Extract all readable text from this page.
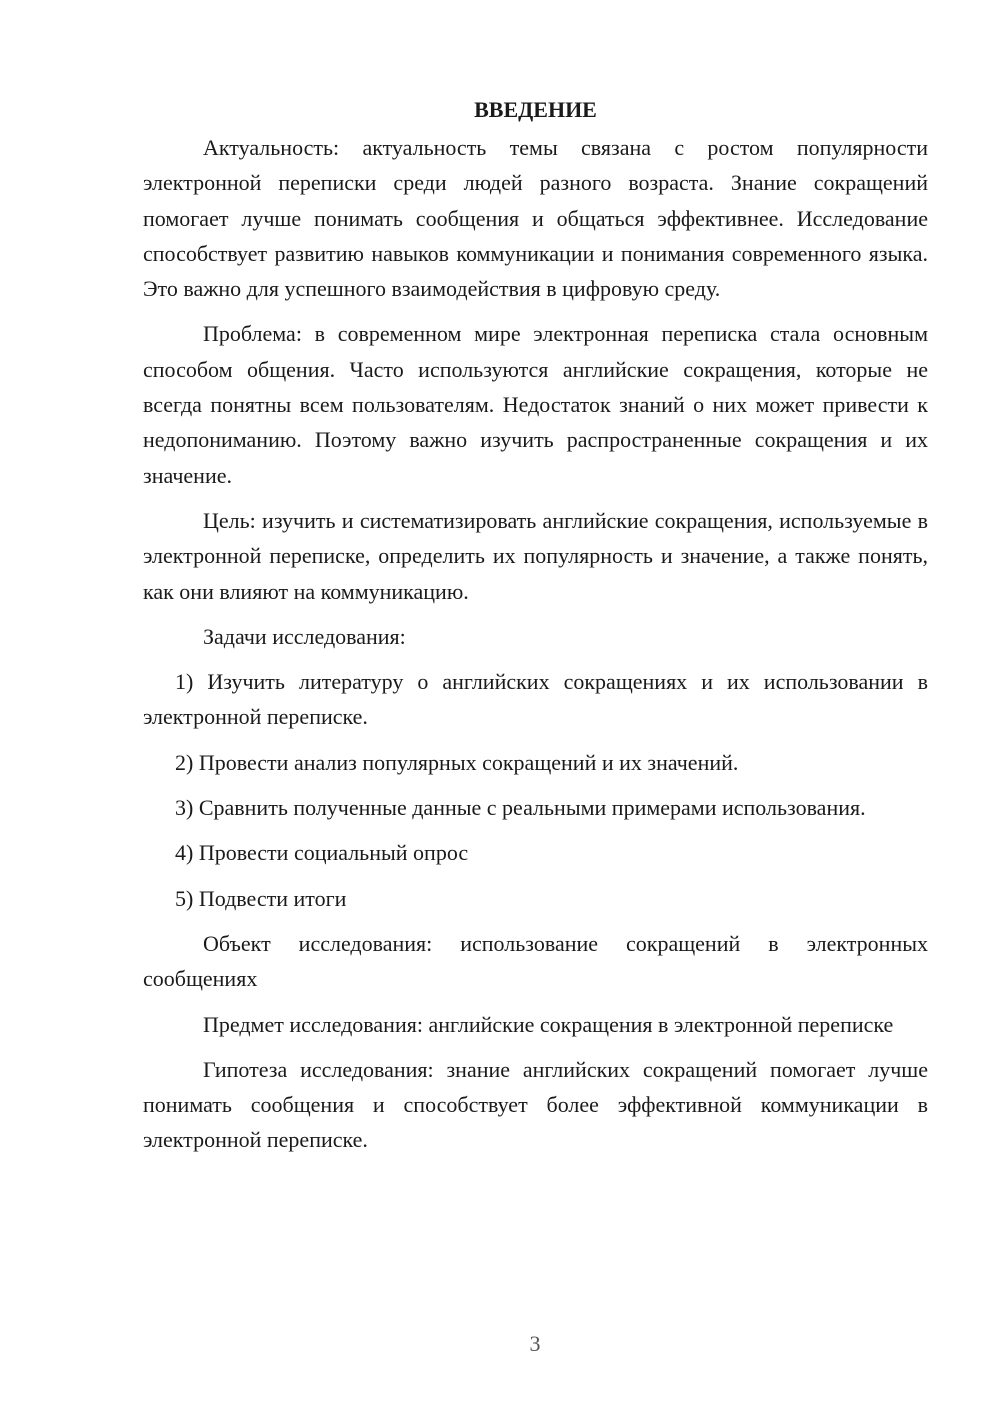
ВВЕДЕНИЕ

Актуальность: актуальность темы связана с ростом популярности электронной переписки среди людей разного возраста. Знание сокращений помогает лучше понимать сообщения и общаться эффективнее. Исследование способствует развитию навыков коммуникации и понимания современного языка. Это важно для успешного взаимодействия в цифровую среду.

Проблема: в современном мире электронная переписка стала основным способом общения. Часто используются английские сокращения, которые не всегда понятны всем пользователям. Недостаток знаний о них может привести к недопониманию. Поэтому важно изучить распространенные сокращения и их значение.

Цель: изучить и систематизировать английские сокращения, используемые в электронной переписке, определить их популярность и значение, а также понять, как они влияют на коммуникацию.

Задачи исследования:

1) Изучить литературу о английских сокращениях и их использовании в электронной переписке.

2) Провести анализ популярных сокращений и их значений.

3) Сравнить полученные данные с реальными примерами использования.

4) Провести социальный опрос

5) Подвести итоги

Объект исследования: использование сокращений в электронных сообщениях

Предмет исследования: английские сокращения в электронной переписке

Гипотеза исследования: знание английских сокращений помогает лучше понимать сообщения и способствует более эффективной коммуникации в электронной переписке.

3
